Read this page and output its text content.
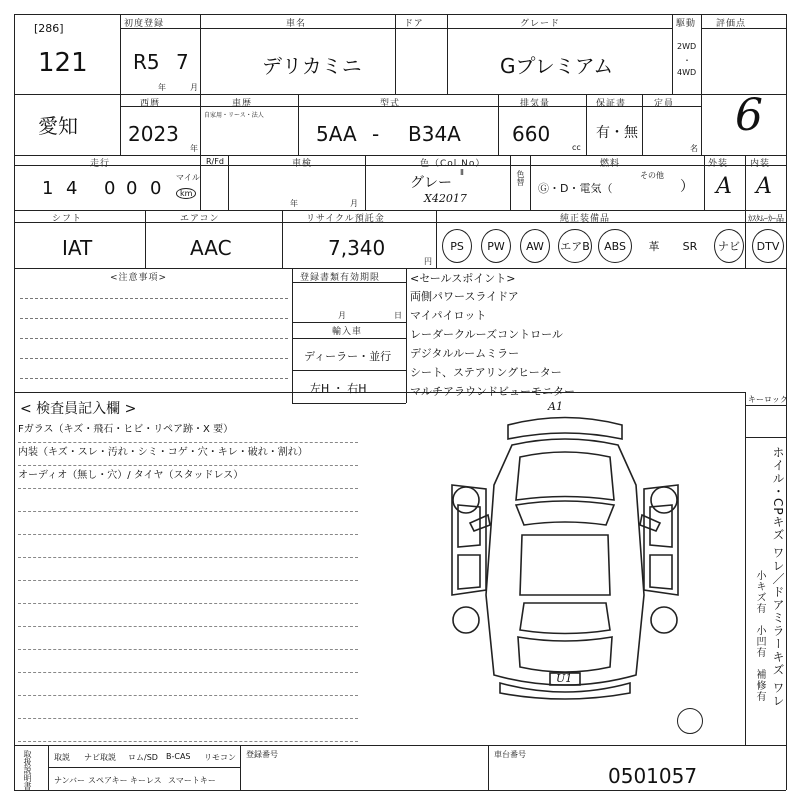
[286]
121
初度登録
R5 7
年	月
車名
デリカミニ
ドア	グレード
Gプレミアム
駆動
2WD
・
4WD
評価点
6
愛知
西暦
2023
年
車歴
自家用・リース・法人
型式
5AA - B34A
排気量
660
cc
保証書
有・無
定員
名
走行
1 4 0 0 0
マイル
km
R/Fd	車検
年	月
色（Col.No）
グレー
Ⅱ
X42017
色替
燃料
Ⓖ・D・電気（
その他
）
外装
A
内装
A
シフト
IAT
エアコン
AAC
リサイクル預託金
7,340
円
純正装備品	ｶｽﾀﾑｰｶｰ品
PS	PW	AW	エアB	ABS	革	SR	ナビ	DTV
<注意事項>	登録書類有効期限
月	日
輸入車
ディーラー・並行
左H ・ 右H
<セールスポイント>
両側パワースライドア
マイパイロット
レーダークルーズコントロール
デジタルルームミラー
シート、ステアリングヒーター
マルチアラウンドビューモニター
< 検査員記入欄 >
Fガラス（キズ・飛石・ヒビ・リペア跡・X 要）
内装（キズ・スレ・汚れ・シミ・コゲ・穴・キレ・破れ・割れ）
オーディオ（無し・穴）/ タイヤ（スタッドレス）
A1
U1
キーロック
ホイル・CPキズ ワレ／ドアミラーキズ ワレ
小キズ有　小凹有　補修有
取扱説明書	取説 ナビ取説 ロム/SD B-CAS リモコン
ナンバー スペアキー キーレス スマートキー
登録番号	車台番号
0501057
